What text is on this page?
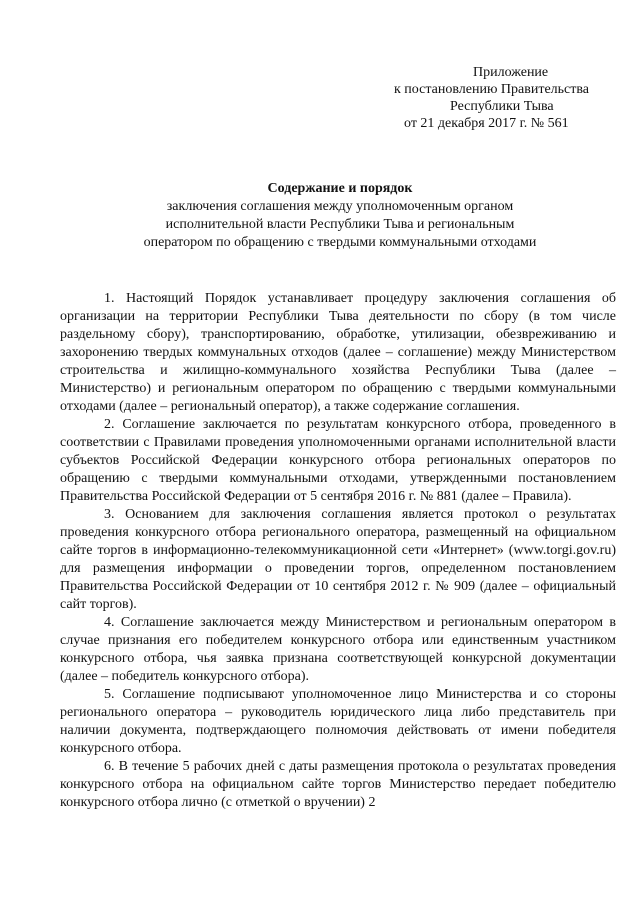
Приложение
к постановлению Правительства
Республики Тыва
от 21 декабря 2017 г. № 561
Содержание и порядок
заключения соглашения между уполномоченным органом
исполнительной власти Республики Тыва и региональным
оператором по обращению с твердыми коммунальными отходами

1. Настоящий Порядок устанавливает процедуру заключения соглашения об организации на территории Республики Тыва деятельности по сбору (в том числе раздельному сбору), транспортированию, обработке, утилизации, обезвреживанию и захоронению твердых коммунальных отходов (далее – соглашение) между Министерством строительства и жилищно-коммунального хозяйства Республики Тыва (далее – Министерство) и региональным оператором по обращению с твердыми коммунальными отходами (далее – региональный оператор), а также содержание соглашения.

2. Соглашение заключается по результатам конкурсного отбора, проведенного в соответствии с Правилами проведения уполномоченными органами исполнительной власти субъектов Российской Федерации конкурсного отбора региональных операторов по обращению с твердыми коммунальными отходами, утвержденными постановлением Правительства Российской Федерации от 5 сентября 2016 г. № 881 (далее – Правила).

3. Основанием для заключения соглашения является протокол о результатах проведения конкурсного отбора регионального оператора, размещенный на официальном сайте торгов в информационно-телекоммуникационной сети «Интернет» (www.torgi.gov.ru) для размещения информации о проведении торгов, определенном постановлением Правительства Российской Федерации от 10 сентября 2012 г. № 909 (далее – официальный сайт торгов).

4. Соглашение заключается между Министерством и региональным оператором в случае признания его победителем конкурсного отбора или единственным участником конкурсного отбора, чья заявка признана соответствующей конкурсной документации (далее – победитель конкурсного отбора).

5. Соглашение подписывают уполномоченное лицо Министерства и со стороны регионального оператора – руководитель юридического лица либо представитель при наличии документа, подтверждающего полномочия действовать от имени победителя конкурсного отбора.

6. В течение 5 рабочих дней с даты размещения протокола о результатах проведения конкурсного отбора на официальном сайте торгов Министерство передает победителю конкурсного отбора лично (с отметкой о вручении) 2
